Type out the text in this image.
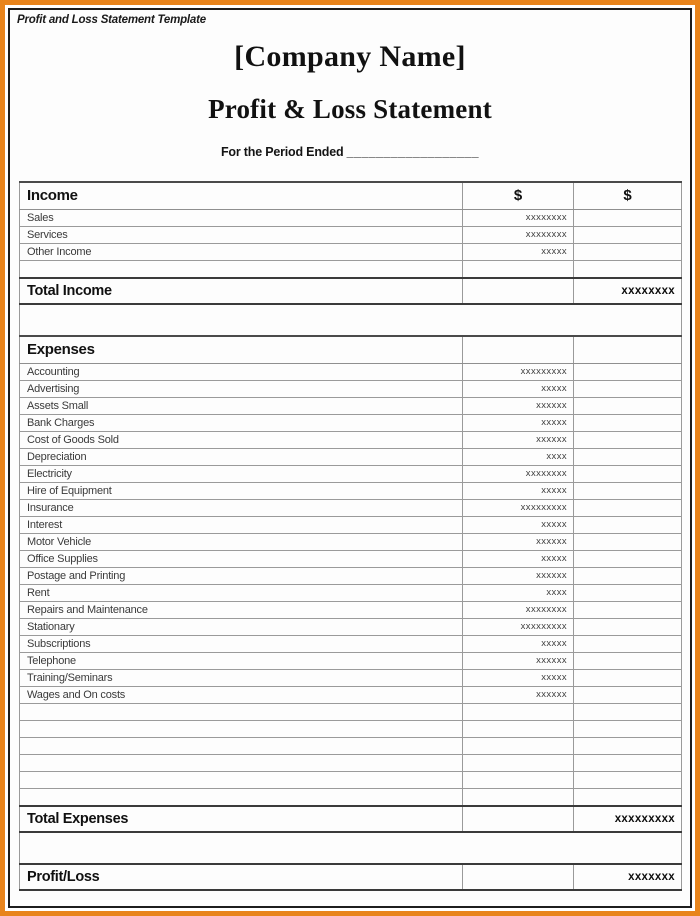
Profit and Loss Statement Template
[Company Name]
Profit & Loss Statement
For the Period Ended __________________
Income	$	$
Sales	xxxxxxxx	
Services	xxxxxxxx	
Other Income	xxxxx	

Total Income		xxxxxxxx

Expenses		
Accounting	xxxxxxxxx	
Advertising	xxxxx	
Assets Small	xxxxxx	
Bank Charges	xxxxx	
Cost of Goods Sold	xxxxxx	
Depreciation	xxxx	
Electricity	xxxxxxxx	
Hire of Equipment	xxxxx	
Insurance	xxxxxxxxx	
Interest	xxxxx	
Motor Vehicle	xxxxxx	
Office Supplies	xxxxx	
Postage and Printing	xxxxxx	
Rent	xxxx	
Repairs and Maintenance	xxxxxxxx	
Stationary	xxxxxxxxx	
Subscriptions	xxxxx	
Telephone	xxxxxx	
Training/Seminars	xxxxx	
Wages and On costs	xxxxxx	

Total Expenses		xxxxxxxxx

Profit/Loss		xxxxxxx
